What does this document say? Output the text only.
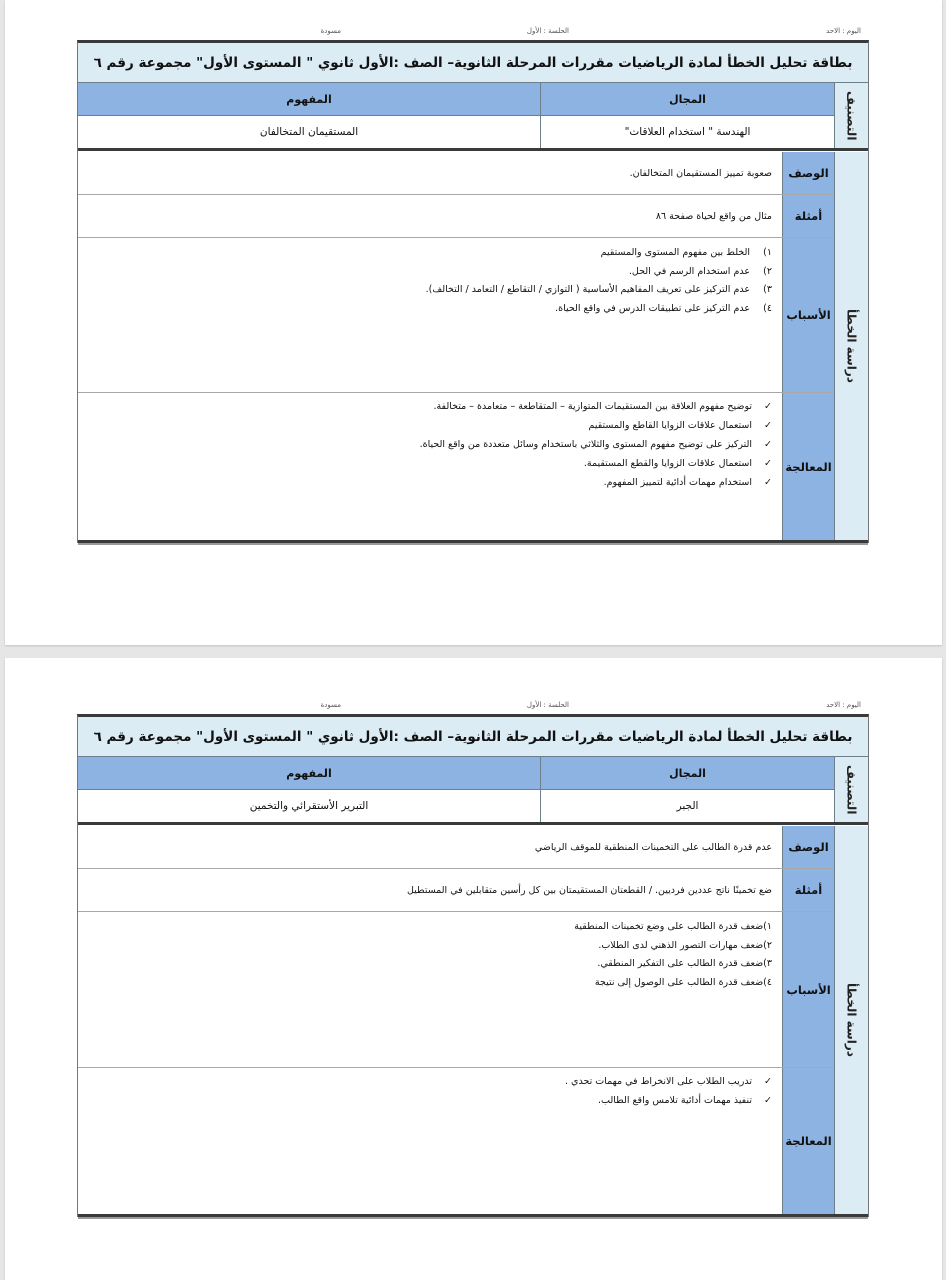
اليوم : الاحد
الحلسة : الأول
مسودة
بطاقة تحليل الخطأ لمادة الرياضيات مقررات المرحلة الثانوية– الصف :الأول ثانوي " المستوى الأول" مجموعة رقم ٦
التصنيف
المجال
المفهوم
الهندسة " استخدام العلاقات"
المستقيمان المتخالفان
دراسة الخطأ
الوصف
صعوبة تمييز المستقيمان المتخالفان.
أمثلة
مثال من واقع لحياة صفحة ٨٦
الأسباب
١)
الخلط بين مفهوم المستوى والمستقيم
٢)
عدم استخدام الرسم في الحل.
٣)
عدم التركيز على تعريف المفاهيم الأساسية ( التوازي / التقاطع / التعامد / التخالف).
٤)
عدم التركيز على تطبيقات الدرس في واقع الحياة.
المعالجة
✓
توضيح مفهوم العلاقة بين المستقيمات المتوازية – المتقاطعة – متعامدة – متخالفة.
✓
استعمال علاقات الزوايا القاطع والمستقيم
✓
التركيز على توضيح مفهوم المستوى والثلاثي باستخدام وسائل متعددة من واقع الحياة.
✓
استعمال علاقات الزوايا والقطع المستقيمة.
✓
استخدام مهمات أدائية لتمييز المفهوم.
اليوم : الاحد
الحلسة : الأول
مسودة
بطاقة تحليل الخطأ لمادة الرياضيات مقررات المرحلة الثانوية– الصف :الأول ثانوي " المستوى الأول" مجموعة رقم ٦
التصنيف
المجال
المفهوم
الجبر
التبرير الأستقرائي والتخمين
دراسة الخطأ
الوصف
عدم قدرة الطالب على التخمينات المنطقية للموقف الرياضي
أمثلة
ضع تخمينًا ناتج عددين فرديين. / القطعتان المستقيمتان بين كل رأسين متقابلين في المستطيل
الأسباب
١)
ضعف قدرة الطالب على وضع تخمينات المنطقية
٢)
ضعف مهارات التصور الذهني لدى الطلاب.
٣)
ضعف قدرة الطالب على التفكير المنطقي.
٤)
ضعف قدرة الطالب على الوصول إلى نتيجة
المعالجة
✓
تدريب الطلاب على الانخراط في مهمات تحدي .
✓
تنفيذ مهمات أدائية تلامس واقع الطالب.
